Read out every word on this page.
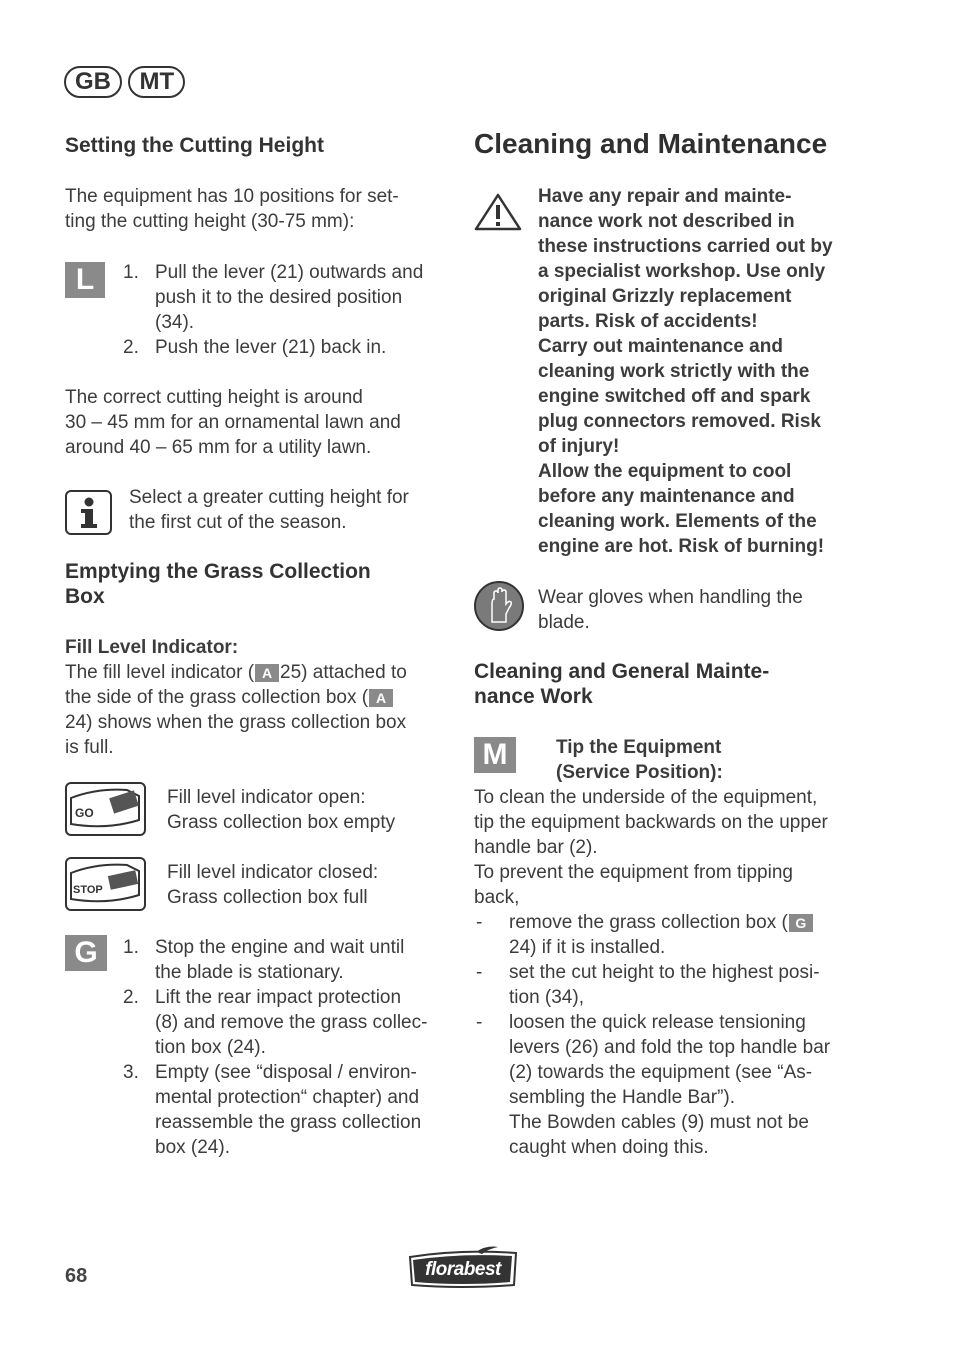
GB MT
Setting the Cutting Height
The equipment has 10 positions for set-
ting the cutting height (30-75 mm):
L	1. Pull the lever (21) outwards and
push it to the desired position
(34).
2. Push the lever (21) back in.
The correct cutting height is around
30 – 45 mm for an ornamental lawn and
around 40 – 65 mm for a utility lawn.
Select a greater cutting height for
the first cut of the season.
Emptying the Grass Collection
Box
Fill Level Indicator:
The fill level indicator ( A 25) attached to
the side of the grass collection box ( A
24) shows when the grass collection box
is full.
GO
Fill level indicator open:
Grass collection box empty
STOP
Fill level indicator closed:
Grass collection box full
G	1. Stop the engine and wait until
the blade is stationary.
2. Lift the rear impact protection
(8) and remove the grass collec-
tion box (24).
3. Empty (see “disposal / environ-
mental protection“ chapter) and
reassemble the grass collection
box (24).
Cleaning and Maintenance
Have any repair and mainte-
nance work not described in
these instructions carried out by
a specialist workshop. Use only
original Grizzly replacement
parts. Risk of accidents!
Carry out maintenance and
cleaning work strictly with the
engine switched off and spark
plug connectors removed. Risk
of injury!
Allow the equipment to cool
before any maintenance and
cleaning work. Elements of the
engine are hot. Risk of burning!
Wear gloves when handling the
blade.
Cleaning and General Mainte-
nance Work
M	Tip the Equipment
(Service Position):
To clean the underside of the equipment,
tip the equipment backwards on the upper
handle bar (2).
To prevent the equipment from tipping
back,
- remove the grass collection box ( G
24) if it is installed.
- set the cut height to the highest posi-
tion (34),
- loosen the quick release tensioning
levers (26) and fold the top handle bar
(2) towards the equipment (see “As-
sembling the Handle Bar”).
The Bowden cables (9) must not be
caught when doing this.
68	florabest
